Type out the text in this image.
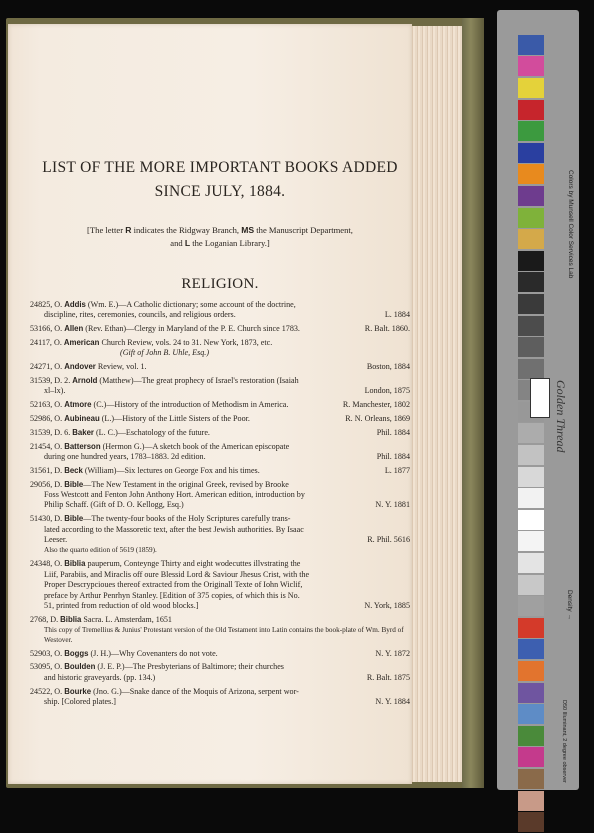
LIST OF THE MORE IMPORTANT BOOKS ADDED
SINCE JULY, 1884.

[The letter R indicates the Ridgway Branch, MS the Manuscript Department,
and L the Loganian Library.]

RELIGION.
24825, O. Addis (Wm. E.)—A Catholic dictionary; some account of the doctrine,
L. 1884
discipline, rites, ceremonies, councils, and religious orders.
R. Balt. 1860.
53166, O. Allen (Rev. Ethan)—Clergy in Maryland of the P. E. Church since 1783.
24117, O. American Church Review, vols. 24 to 31. New York, 1873, etc.
(Gift of John B. Uhle, Esq.)
Boston, 1884
24271, O. Andover Review, vol. 1.
31539, D. 2. Arnold (Matthew)—The great prophecy of Israel's restoration (Isaiah
London, 1875
xl–lx).
R. Manchester, 1802
52163, O. Atmore (C.)—History of the introduction of Methodism in America.
R. N. Orleans, 1869
52986, O. Aubineau (L.)—History of the Little Sisters of the Poor.
Phil. 1884
31539, D. 6. Baker (L. C.)—Eschatology of the future.
21454, O. Batterson (Hermon G.)—A sketch book of the American episcopate
Phil. 1884
during one hundred years, 1783–1883. 2d edition.
L. 1877
31561, D. Beck (William)—Six lectures on George Fox and his times.
29056, D. Bible—The New Testament in the original Greek, revised by Brooke
Foss Westcott and Fenton John Anthony Hort. American edition, introduction by
N. Y. 1881
Philip Schaff. (Gift of D. O. Kellogg, Esq.)
51430, D. Bible—The twenty-four books of the Holy Scriptures carefully trans-
lated according to the Massoretic text, after the best Jewish authorities. By Isaac
R. Phil. 5616
Leeser.
Also the quarto edition of 5619 (1859).
24348, O. Biblia pauperum, Conteynge Thirty and eight wodecuttes illvstrating the
Liif, Parabiis, and Miraclis off oure Blessid Lord & Saviour Jhesus Crist, with the
Proper Descrypcioues thereof extracted from the Originall Texte of Iohn Wiclif,
preface by Arthur Penrhyn Stanley. [Edition of 375 copies, of which this is No.
N. York, 1885
51, printed from reduction of old wood blocks.]
2768, D. Biblia Sacra. L. Amsterdam, 1651
This copy of Tremellius & Junius' Protestant version of the Old Testament into Latin contains the book-plate of Wm. Byrd of Westover.
N. Y. 1872
52903, O. Boggs (J. H.)—Why Covenanters do not vote.
53095, O. Boulden (J. E. P.)—The Presbyterians of Baltimore; their churches
R. Balt. 1875
and historic graveyards. (pp. 134.)
24522, O. Bourke (Jno. G.)—Snake dance of the Moquis of Arizona, serpent wor-
N. Y. 1884
ship. [Colored plates.]
Colors by Munsell Color Services Lab
Golden Thread
Density →
D50 Illuminant, 2 degree observer
